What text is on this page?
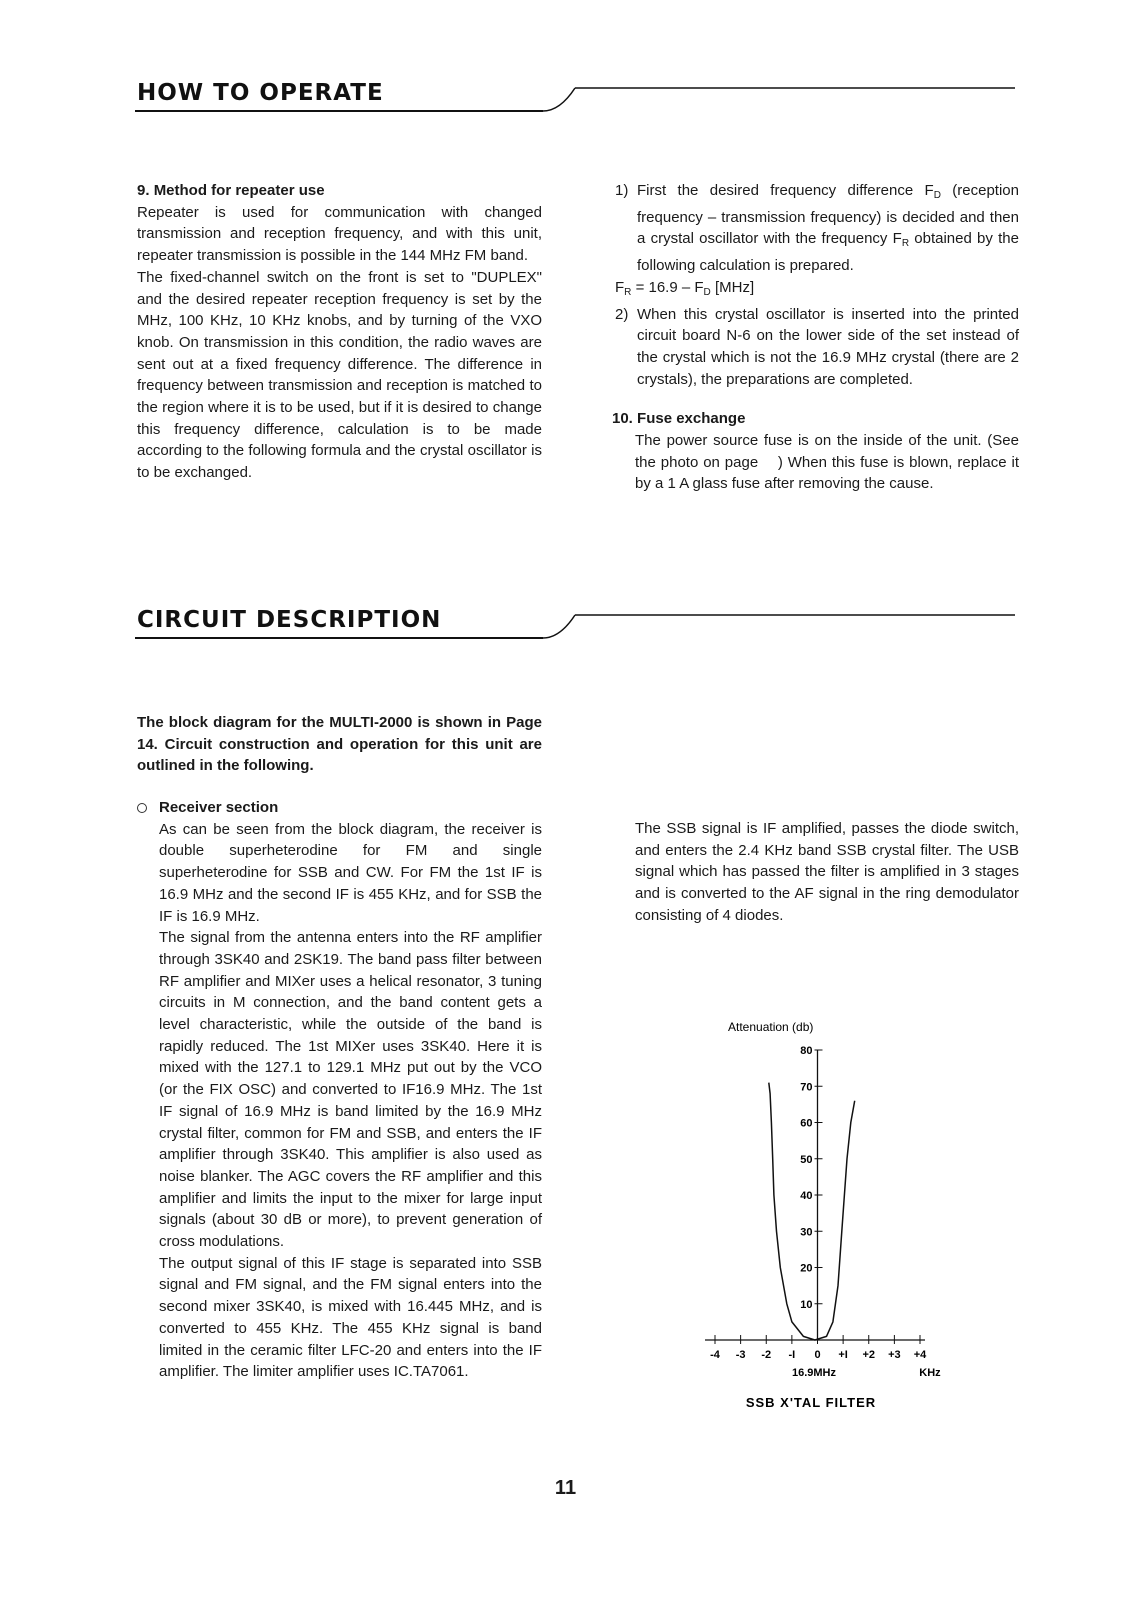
HOW TO OPERATE

9. Method for repeater use

Repeater is used for communication with changed transmission and reception frequency, and with this unit, repeater transmission is possible in the 144 MHz FM band.

The fixed-channel switch on the front is set to "DUPLEX" and the desired repeater reception frequency is set by the MHz, 100 KHz, 10 KHz knobs, and by turning of the VXO knob. On transmission in this condition, the radio waves are sent out at a fixed frequency difference. The difference in frequency between transmission and reception is matched to the region where it is to be used, but if it is desired to change this frequency difference, calculation is to be made according to the following formula and the crystal oscillator is to be exchanged.

1) First the desired frequency difference $F_D$ (reception frequency – transmission frequency) is decided and then a crystal oscillator with the frequency $F_R$ obtained by the following calculation is prepared.

$F_R = 16.9 - F_D$ [MHz]

2) When this crystal oscillator is inserted into the printed circuit board N-6 on the lower side of the set instead of the crystal which is not the 16.9 MHz crystal (there are 2 crystals), the preparations are completed.

10. Fuse exchange

The power source fuse is on the inside of the unit. (See the photo on page    ) When this fuse is blown, replace it by a 1 A glass fuse after removing the cause.

CIRCUIT DESCRIPTION

The block diagram for the MULTI-2000 is shown in Page 14. Circuit construction and operation for this unit are outlined in the following.

Receiver section

As can be seen from the block diagram, the receiver is double superheterodine for FM and single superheterodine for SSB and CW. For FM the 1st IF is 16.9 MHz and the second IF is 455 KHz, and for SSB the IF is 16.9 MHz.

The signal from the antenna enters into the RF amplifier through 3SK40 and 2SK19. The band pass filter between RF amplifier and MIXer uses a helical resonator, 3 tuning circuits in M connection, and the band content gets a level characteristic, while the outside of the band is rapidly reduced. The 1st MIXer uses 3SK40. Here it is mixed with the 127.1 to 129.1 MHz put out by the VCO (or the FIX OSC) and converted to IF16.9 MHz. The 1st IF signal of 16.9 MHz is band limited by the 16.9 MHz crystal filter, common for FM and SSB, and enters the IF amplifier through 3SK40. This amplifier is also used as noise blanker. The AGC covers the RF amplifier and this amplifier and limits the input to the mixer for large input signals (about 30 dB or more), to prevent generation of cross modulations.

The output signal of this IF stage is separated into SSB signal and FM signal, and the FM signal enters into the second mixer 3SK40, is mixed with 16.445 MHz, and is converted to 455 KHz. The 455 KHz signal is band limited in the ceramic filter LFC-20 and enters into the IF amplifier. The limiter amplifier uses IC.TA7061.

The SSB signal is IF amplified, passes the diode switch, and enters the 2.4 KHz band SSB crystal filter. The USB signal which has passed the filter is amplified in 3 stages and is converted to the AF signal in the ring demodulator consisting of 4 diodes.

Attenuation (db)
80
70
60
50
40
30
20
10
-4 -3 -2 -I 0 +I +2 +3 +4
16.9MHz	KHz
SSB X'TAL FILTER
11
